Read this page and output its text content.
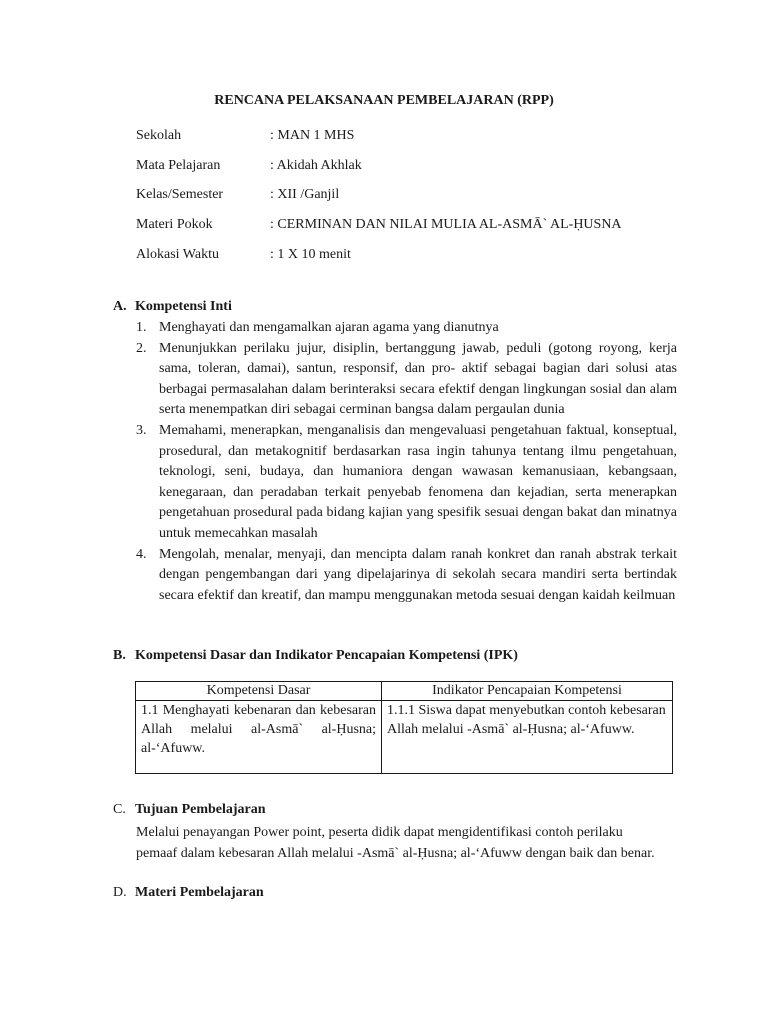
RENCANA PELAKSANAAN PEMBELAJARAN (RPP)
Sekolah	: MAN 1 MHS
Mata Pelajaran	: Akidah Akhlak
Kelas/Semester	: XII /Ganjil
Materi Pokok	: CERMINAN DAN NILAI MULIA AL-ASMĀ` AL-ḤUSNA
Alokasi Waktu	: 1 X 10 menit
A. Kompetensi Inti
1. Menghayati dan mengamalkan ajaran agama yang dianutnya
2. Menunjukkan perilaku jujur, disiplin, bertanggung jawab, peduli (gotong royong, kerja sama, toleran, damai), santun, responsif, dan pro- aktif sebagai bagian dari solusi atas berbagai permasalahan dalam berinteraksi secara efektif dengan lingkungan sosial dan alam serta menempatkan diri sebagai cerminan bangsa dalam pergaulan dunia
3. Memahami, menerapkan, menganalisis dan mengevaluasi pengetahuan faktual, konseptual, prosedural, dan metakognitif berdasarkan rasa ingin tahunya tentang ilmu pengetahuan, teknologi, seni, budaya, dan humaniora dengan wawasan kemanusiaan, kebangsaan, kenegaraan, dan peradaban terkait penyebab fenomena dan kejadian, serta menerapkan pengetahuan prosedural pada bidang kajian yang spesifik sesuai dengan bakat dan minatnya untuk memecahkan masalah
4. Mengolah, menalar, menyaji, dan mencipta dalam ranah konkret dan ranah abstrak terkait dengan pengembangan dari yang dipelajarinya di sekolah secara mandiri serta bertindak secara efektif dan kreatif, dan mampu menggunakan metoda sesuai dengan kaidah keilmuan
B. Kompetensi Dasar dan Indikator Pencapaian Kompetensi (IPK)
Kompetensi Dasar	Indikator Pencapaian Kompetensi
1.1 Menghayati kebenaran dan kebesaran Allah melalui al-Asmā` al-Ḥusna; al-‘Afuww.	1.1.1 Siswa dapat menyebutkan contoh kebesaran Allah melalui -Asmā` al-Ḥusna; al-‘Afuww.
C. Tujuan Pembelajaran
Melalui penayangan Power point, peserta didik dapat mengidentifikasi contoh perilaku pemaaf dalam kebesaran Allah melalui -Asmā` al-Ḥusna; al-‘Afuww dengan baik dan benar.
D. Materi Pembelajaran
